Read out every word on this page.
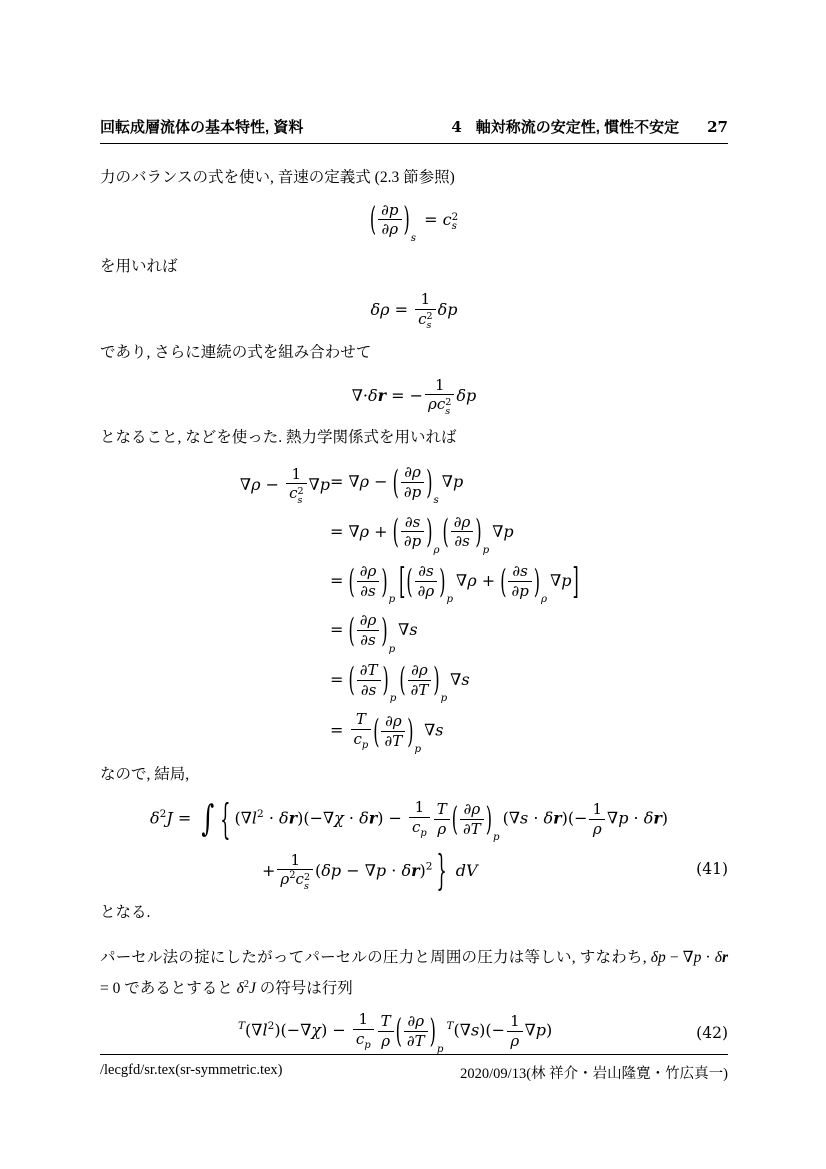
回転成層流体の基本特性, 資料	4 軸対称流の安定性, 慣性不安定 27

力のバランスの式を使い, 音速の定義式 (2.3 節参照)

( $\frac{\partial p}{\partial\rho} )s = c$ 2
s

を用いれば

δρ = 1
c 2
s δp

であり, さらに連続の式を組み合わせて

∇·δr = − 1
ρc 2
s δp

となること, などを使った. 熱力学関係式を用いれば

∇ρ − 1
c 2
s ∇p = ∇ρ − ( $\frac{\partial\rho}{\partial p} )s\nabla p$
= ∇ρ + ( $\frac{\partial s}{\partial p} )\rho$ ( $\frac{\partial\rho}{\partial s} )p\nabla p$
= ( $\frac{\partial\rho}{\partial s} )p$ [( $\frac{\partial s}{\partial\rho} )p\nabla\rho$ + ( $\frac{\partial s}{\partial p} )\rho\nabla p$]
= ( $\frac{\partial\rho}{\partial s} )p\nabla s$
= ( $\frac{\partial T}{\partial s} )p$ ( $\frac{\partial\rho}{\partial T} )p\nabla s$
= $\frac{T}{c_p}$ ( $\frac{\partial\rho}{\partial T} )p\nabla s$

なので, 結局,

$\delta^2J$ = ∫ { $(\nabla l^2 \cdot \delta r)(-\nabla\chi \cdot \delta r) - \frac{1}{c_p} \frac{T}{\rho}$ ( $\frac{\partial\rho}{\partial T} )p(\nabla s \cdot \delta r)(- \frac{1}{\rho} \nabla p \cdot \delta r)$
+ 1
$\rho^2c$ 2
s $(\delta p - \nabla p \cdot \delta r)^2$ } dV	(41)

となる.

パーセル法の掟にしたがってパーセルの圧力と周囲の圧力は等しい, すなわち, δp − ∇p · δr = 0 であるとすると $\delta^2J$ の符号は行列

$^T(\nabla l^2)(-\nabla\chi) - \frac{1}{c_p} \frac{T}{\rho}$ ( $\frac{\partial\rho}{\partial T} )p^T(\nabla s)(- \frac{1}{\rho} \nabla p)$	(42)
/lecgfd/sr.tex(sr-symmetric.tex)	2020/09/13(林 祥介・岩山隆寛・竹広真一)
